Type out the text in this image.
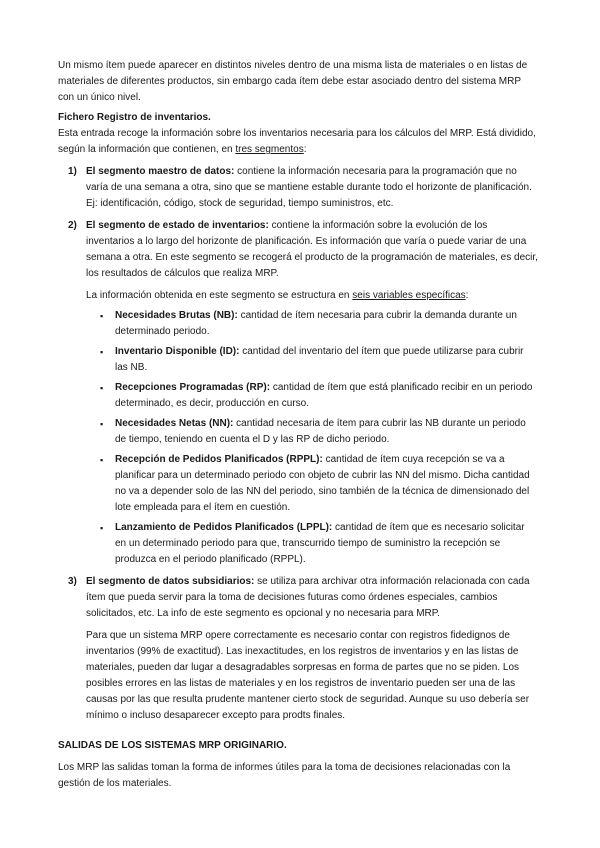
Un mismo ítem puede aparecer en distintos niveles dentro de una misma lista de materiales o en listas de materiales de diferentes productos, sin embargo cada ítem debe estar asociado dentro del sistema MRP con un único nivel.

Fichero Registro de inventarios.

Esta entrada recoge la información sobre los inventarios necesaria para los cálculos del MRP. Está dividido, según la información que contienen, en tres segmentos:

1) El segmento maestro de datos: contiene la información necesaria para la programación que no varía de una semana a otra, sino que se mantiene estable durante todo el horizonte de planificación. Ej: identificación, código, stock de seguridad, tiempo suministros, etc.
2) El segmento de estado de inventarios: contiene la información sobre la evolución de los inventarios a lo largo del horizonte de planificación. Es información que varía o puede variar de una semana a otra. En este segmento se recogerá el producto de la programación de materiales, es decir, los resultados de cálculos que realiza MRP.

La información obtenida en este segmento se estructura en seis variables específicas:

▪ Necesidades Brutas (NB): cantidad de ítem necesaria para cubrir la demanda durante un determinado periodo.
▪ Inventario Disponible (ID): cantidad del inventario del ítem que puede utilizarse para cubrir las NB.
▪ Recepciones Programadas (RP): cantidad de ítem que está planificado recibir en un periodo determinado, es decir, producción en curso.
▪ Necesidades Netas (NN): cantidad necesaria de ítem para cubrir las NB durante un periodo de tiempo, teniendo en cuenta el D y las RP de dicho periodo.
▪ Recepción de Pedidos Planificados (RPPL): cantidad de ítem cuya recepción se va a planificar para un determinado periodo con objeto de cubrir las NN del mismo. Dicha cantidad no va a depender solo de las NN del periodo, sino también de la técnica de dimensionado del lote empleada para el ítem en cuestión.
▪ Lanzamiento de Pedidos Planificados (LPPL): cantidad de ítem que es necesario solicitar en un determinado periodo para que, transcurrido tiempo de suministro la recepción se produzca en el periodo planificado (RPPL).
3) El segmento de datos subsidiarios: se utiliza para archivar otra información relacionada con cada ítem que pueda servir para la toma de decisiones futuras como órdenes especiales, cambios solicitados, etc. La info de este segmento es opcional y no necesaria para MRP.

Para que un sistema MRP opere correctamente es necesario contar con registros fidedignos de inventarios (99% de exactitud). Las inexactitudes, en los registros de inventarios y en las listas de materiales, pueden dar lugar a desagradables sorpresas en forma de partes que no se piden. Los posibles errores en las listas de materiales y en los registros de inventario pueden ser una de las causas por las que resulta prudente mantener cierto stock de seguridad. Aunque su uso debería ser mínimo o incluso desaparecer excepto para prodts finales.

SALIDAS DE LOS SISTEMAS MRP ORIGINARIO.

Los MRP las salidas toman la forma de informes útiles para la toma de decisiones relacionadas con la gestión de los materiales.
